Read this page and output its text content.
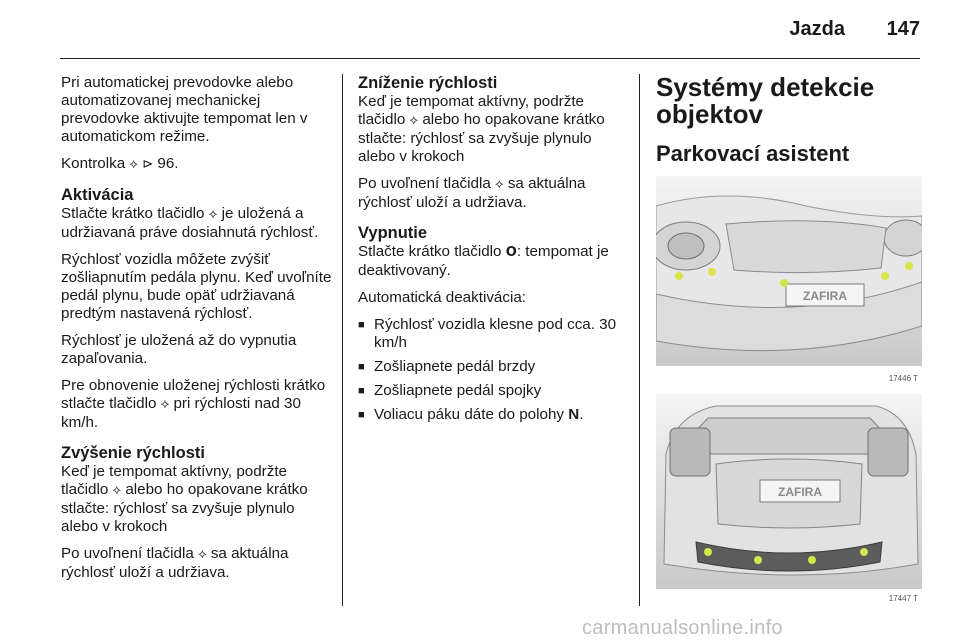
Jazda 147

Pri automatickej prevodovke alebo automatizovanej mechanickej prevodovke aktivujte tempomat len v automatickom režime.

Kontrolka ⟡ ⊳ 96.

Aktivácia

Stlačte krátko tlačidlo ⟡ je uložená a udržiavaná práve dosiahnutá rýchlosť.

Rýchlosť vozidla môžete zvýšiť zošliapnutím pedála plynu. Keď uvoľníte pedál plynu, bude opäť udržiavaná predtým nastavená rýchlosť.

Rýchlosť je uložená až do vypnutia zapaľovania.

Pre obnovenie uloženej rýchlosti krátko stlačte tlačidlo ⟡ pri rýchlosti nad 30 km/h.

Zvýšenie rýchlosti

Keď je tempomat aktívny, podržte tlačidlo ⟡ alebo ho opakovane krátko stlačte: rýchlosť sa zvyšuje plynulo alebo v krokoch

Po uvoľnení tlačidla ⟡ sa aktuálna rýchlosť uloží a udržiava.

Zníženie rýchlosti

Keď je tempomat aktívny, podržte tlačidlo ⟡ alebo ho opakovane krátko stlačte: rýchlosť sa zvyšuje plynulo alebo v krokoch

Po uvoľnení tlačidla ⟡ sa aktuálna rýchlosť uloží a udržiava.

Vypnutie

Stlačte krátko tlačidlo O: tempomat je deaktivovaný.

Automatická deaktivácia:

■ Rýchlosť vozidla klesne pod cca. 30 km/h
■ Zošliapnete pedál brzdy
■ Zošliapnete pedál spojky
■ Voliacu páku dáte do polohy N.
Systémy detekcie objektov
Parkovací asistent
ZAFIRA
17446 T
ZAFIRA
17447 T
carmanualsonline.info
